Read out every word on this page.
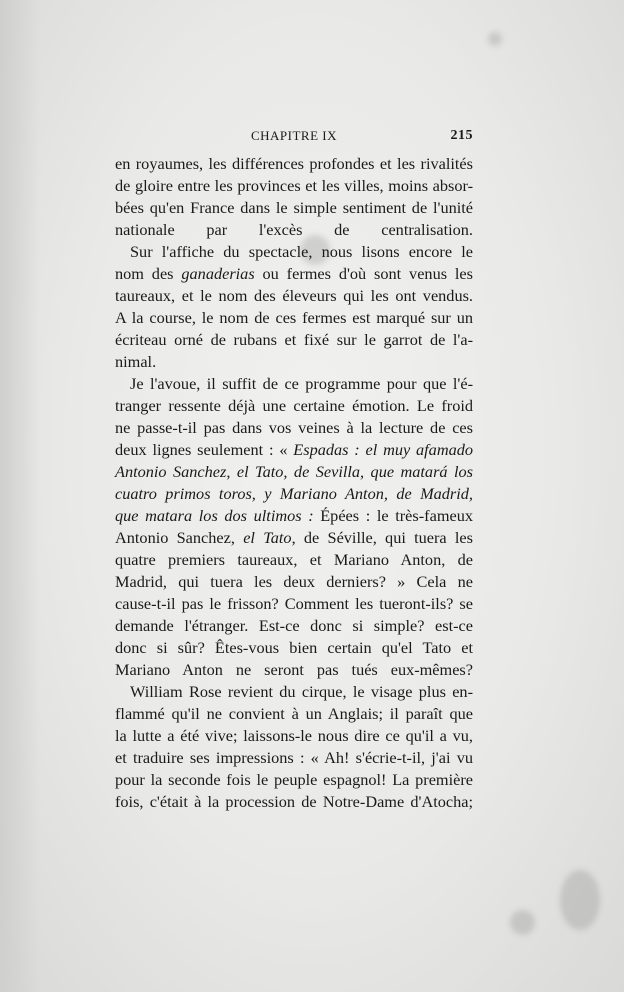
CHAPITRE IX	215
en royaumes, les différences profondes et les rivalités
de gloire entre les provinces et les villes, moins absor-
bées qu'en France dans le simple sentiment de l'unité
nationale par l'excès de centralisation.
Sur l'affiche du spectacle, nous lisons encore le
nom des ganaderias ou fermes d'où sont venus les
taureaux, et le nom des éleveurs qui les ont vendus.
A la course, le nom de ces fermes est marqué sur un
écriteau orné de rubans et fixé sur le garrot de l'a-
nimal.
Je l'avoue, il suffit de ce programme pour que l'é-
tranger ressente déjà une certaine émotion. Le froid
ne passe-t-il pas dans vos veines à la lecture de ces
deux lignes seulement : « Espadas : el muy afamado
Antonio Sanchez, el Tato, de Sevilla, que matará los
cuatro primos toros, y Mariano Anton, de Madrid,
que matara los dos ultimos : Épées : le très-fameux
Antonio Sanchez, el Tato, de Séville, qui tuera les
quatre premiers taureaux, et Mariano Anton, de
Madrid, qui tuera les deux derniers? » Cela ne
cause-t-il pas le frisson? Comment les tueront-ils? se
demande l'étranger. Est-ce donc si simple? est-ce
donc si sûr? Êtes-vous bien certain qu'el Tato et
Mariano Anton ne seront pas tués eux-mêmes?
William Rose revient du cirque, le visage plus en-
flammé qu'il ne convient à un Anglais; il paraît que
la lutte a été vive; laissons-le nous dire ce qu'il a vu,
et traduire ses impressions : « Ah! s'écrie-t-il, j'ai vu
pour la seconde fois le peuple espagnol! La première
fois, c'était à la procession de Notre-Dame d'Atocha;
